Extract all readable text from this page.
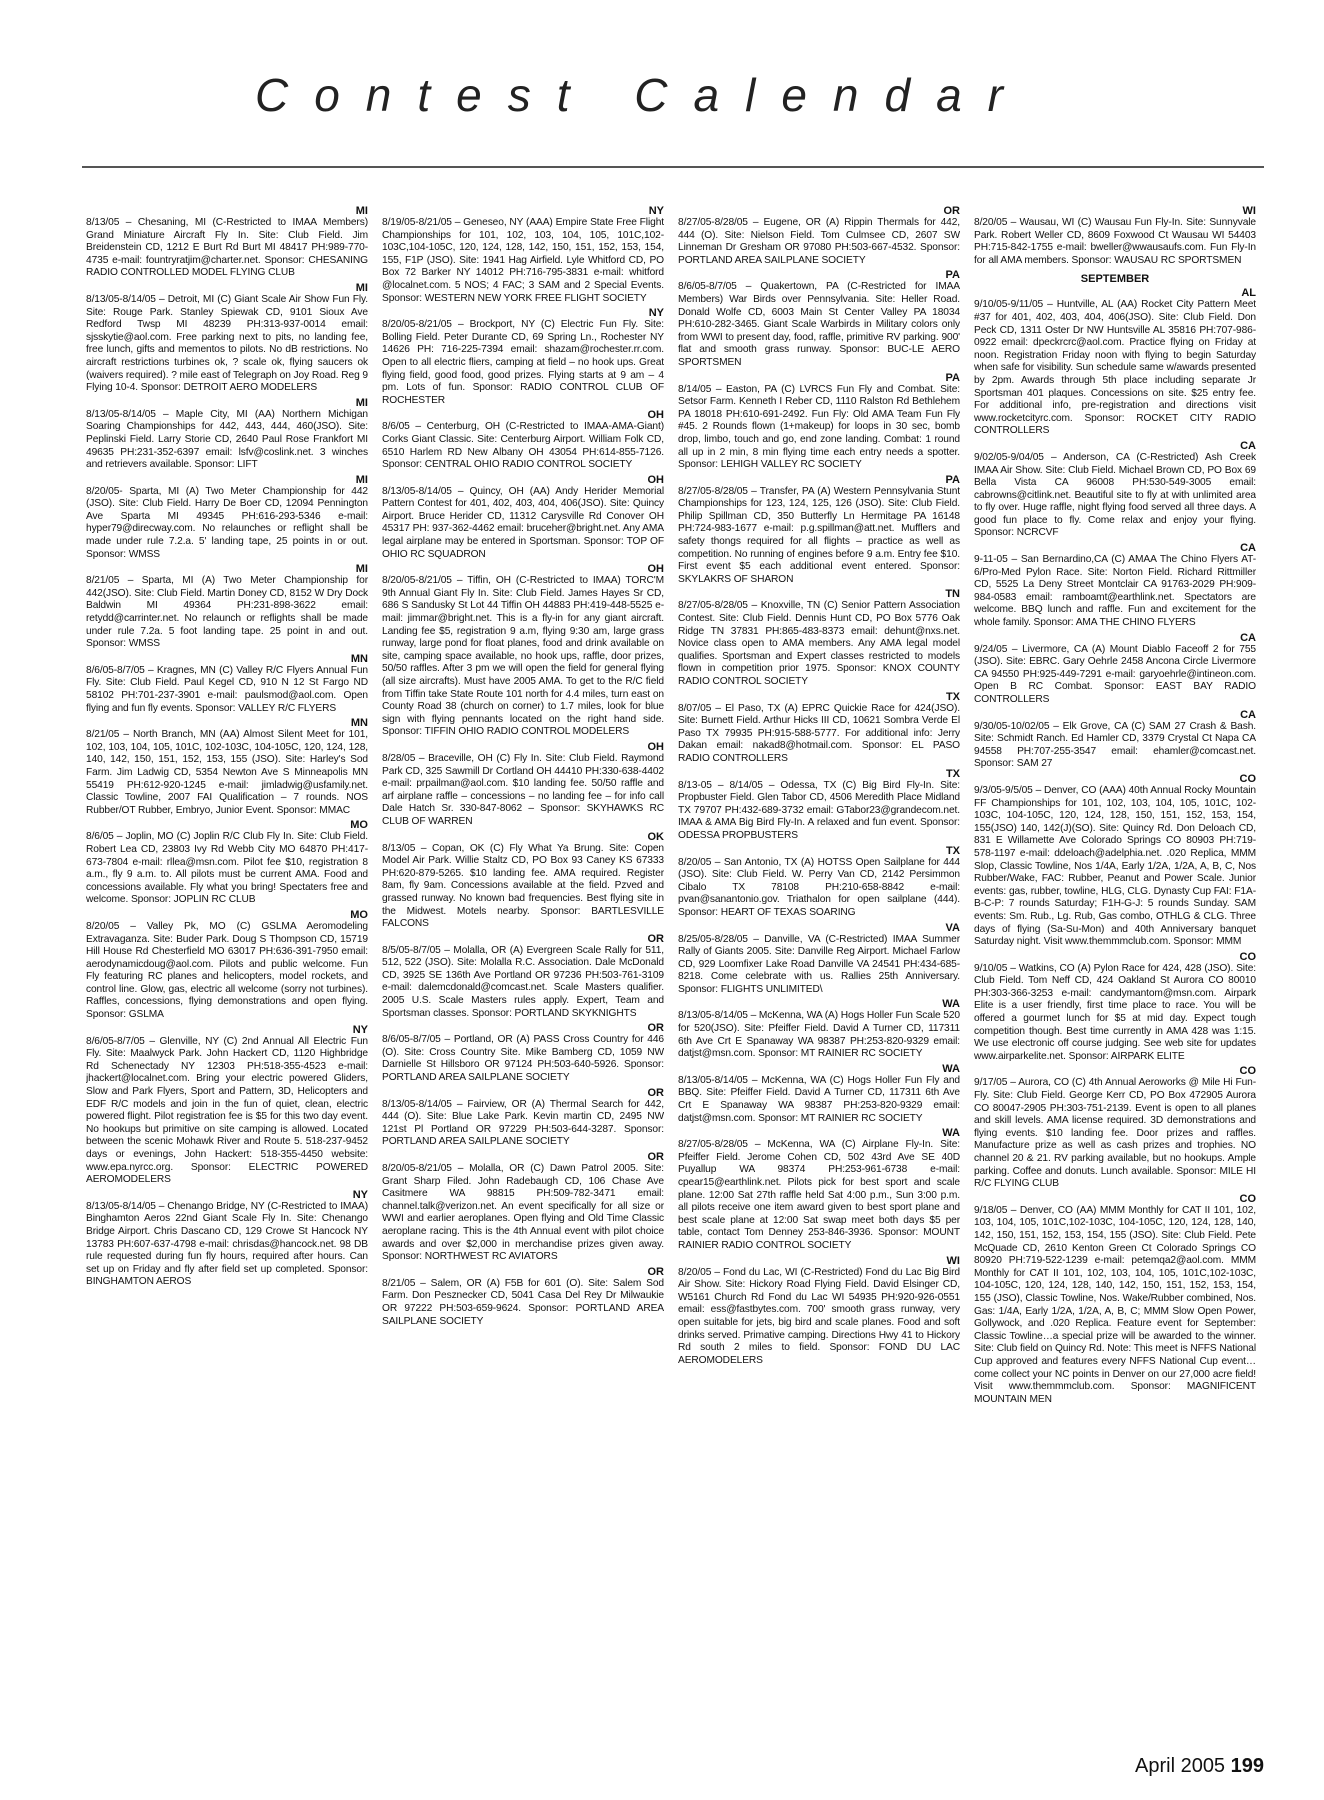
Contest Calendar
MI
8/13/05 – Chesaning, MI (C-Restricted to IMAA Members) Grand Miniature Aircraft Fly In. Site: Club Field. Jim Breidenstein CD, 1212 E Burt Rd Burt MI 48417 PH:989-770-4735 e-mail: fountryratjim@charter.net. Sponsor: CHESANING RADIO CONTROLLED MODEL FLYING CLUB
MI
8/13/05-8/14/05 – Detroit, MI (C) Giant Scale Air Show Fun Fly. Site: Rouge Park. Stanley Spiewak CD, 9101 Sioux Ave Redford Twsp MI 48239 PH:313-937-0014 email: sjsskytie@aol.com. Free parking next to pits, no landing fee, free lunch, gifts and mementos to pilots. No dB restrictions. No aircraft restrictions turbines ok, ? scale ok, flying saucers ok (waivers required). ? mile east of Telegraph on Joy Road. Reg 9 Flying 10-4. Sponsor: DETROIT AERO MODELERS
MI
8/13/05-8/14/05 – Maple City, MI (AA) Northern Michigan Soaring Championships for 442, 443, 444, 460(JSO). Site: Peplinski Field. Larry Storie CD, 2640 Paul Rose Frankfort MI 49635 PH:231-352-6397 email: lsfv@coslink.net. 3 winches and retrievers available. Sponsor: LIFT
MI
8/20/05- Sparta, MI (A) Two Meter Championship for 442 (JSO). Site: Club Field. Harry De Boer CD, 12094 Pennington Ave Sparta MI 49345 PH:616-293-5346 e-mail: hyper79@direcway.com. No relaunches or reflight shall be made under rule 7.2.a. 5' landing tape, 25 points in or out. Sponsor: WMSS
MI
8/21/05 – Sparta, MI (A) Two Meter Championship for 442(JSO). Site: Club Field. Martin Doney CD, 8152 W Dry Dock Baldwin MI 49364 PH:231-898-3622 email: retydd@carrinter.net. No relaunch or reflights shall be made under rule 7.2a. 5 foot landing tape. 25 point in and out. Sponsor: WMSS
MN
8/6/05-8/7/05 – Kragnes, MN (C) Valley R/C Flyers Annual Fun Fly. Site: Club Field. Paul Kegel CD, 910 N 12 St Fargo ND 58102 PH:701-237-3901 e-mail: paulsmod@aol.com. Open flying and fun fly events. Sponsor: VALLEY R/C FLYERS
MN
8/21/05 – North Branch, MN (AA) Almost Silent Meet for 101, 102, 103, 104, 105, 101C, 102-103C, 104-105C, 120, 124, 128, 140, 142, 150, 151, 152, 153, 155 (JSO). Site: Harley's Sod Farm. Jim Ladwig CD, 5354 Newton Ave S Minneapolis MN 55419 PH:612-920-1245 e-mail: jimladwig@usfamily.net. Classic Towline, 2007 FAI Qualification – 7 rounds. NOS Rubber/OT Rubber, Embryo, Junior Event. Sponsor: MMAC
MO
8/6/05 – Joplin, MO (C) Joplin R/C Club Fly In. Site: Club Field. Robert Lea CD, 23803 Ivy Rd Webb City MO 64870 PH:417-673-7804 e-mail: rllea@msn.com. Pilot fee $10, registration 8 a.m., fly 9 a.m. to. All pilots must be current AMA. Food and concessions available. Fly what you bring! Spectaters free and welcome. Sponsor: JOPLIN RC CLUB
MO
8/20/05 – Valley Pk, MO (C) GSLMA Aeromodeling Extravaganza. Site: Buder Park. Doug S Thompson CD, 15719 Hill House Rd Chesterfield MO 63017 PH:636-391-7950 email: aerodynamicdoug@aol.com. Pilots and public welcome. Fun Fly featuring RC planes and helicopters, model rockets, and control line. Glow, gas, electric all welcome (sorry not turbines). Raffles, concessions, flying demonstrations and open flying. Sponsor: GSLMA
NY
8/6/05-8/7/05 – Glenville, NY (C) 2nd Annual All Electric Fun Fly. Site: Maalwyck Park. John Hackert CD, 1120 Highbridge Rd Schenectady NY 12303 PH:518-355-4523 e-mail: jhackert@localnet.com. Bring your electric powered Gliders, Slow and Park Flyers, Sport and Pattern, 3D, Helicopters and EDF R/C models and join in the fun of quiet, clean, electric powered flight. Pilot registration fee is $5 for this two day event. No hookups but primitive on site camping is allowed. Located between the scenic Mohawk River and Route 5. 518-237-9452 days or evenings, John Hackert: 518-355-4450 website: www.epa.nyrcc.org. Sponsor: ELECTRIC POWERED AEROMODELERS
NY
8/13/05-8/14/05 – Chenango Bridge, NY (C-Restricted to IMAA) Binghamton Aeros 22nd Giant Scale Fly In. Site: Chenango Bridge Airport. Chris Dascano CD, 129 Crowe St Hancock NY 13783 PH:607-637-4798 e-mail: chrisdas@hancock.net. 98 DB rule requested during fun fly hours, required after hours. Can set up on Friday and fly after field set up completed. Sponsor: BINGHAMTON AEROS
NY
8/19/05-8/21/05 – Geneseo, NY (AAA) Empire State Free Flight Championships for 101, 102, 103, 104, 105, 101C,102-103C,104-105C, 120, 124, 128, 142, 150, 151, 152, 153, 154, 155, F1P (JSO). Site: 1941 Hag Airfield. Lyle Whitford CD, PO Box 72 Barker NY 14012 PH:716-795-3831 e-mail: whitford @localnet.com. 5 NOS; 4 FAC; 3 SAM and 2 Special Events. Sponsor: WESTERN NEW YORK FREE FLIGHT SOCIETY
NY
8/20/05-8/21/05 – Brockport, NY (C) Electric Fun Fly. Site: Bolling Field. Peter Durante CD, 69 Spring Ln., Rochester NY 14626 PH: 716-225-7394 email: shazam@rochester.rr.com. Open to all electric fliers, camping at field – no hook ups. Great flying field, good food, good prizes. Flying starts at 9 am – 4 pm. Lots of fun. Sponsor: RADIO CONTROL CLUB OF ROCHESTER
OH
8/6/05 – Centerburg, OH (C-Restricted to IMAA-AMA-Giant) Corks Giant Classic. Site: Centerburg Airport. William Folk CD, 6510 Harlem RD New Albany OH 43054 PH:614-855-7126. Sponsor: CENTRAL OHIO RADIO CONTROL SOCIETY
OH
8/13/05-8/14/05 – Quincy, OH (AA) Andy Herider Memorial Pattern Contest for 401, 402, 403, 404, 406(JSO). Site: Quincy Airport. Bruce Herider CD, 11312 Carysville Rd Conover OH 45317 PH: 937-362-4462 email: bruceher@bright.net. Any AMA legal airplane may be entered in Sportsman. Sponsor: TOP OF OHIO RC SQUADRON
OH
8/20/05-8/21/05 – Tiffin, OH (C-Restricted to IMAA) TORC'M 9th Annual Giant Fly In. Site: Club Field. James Hayes Sr CD, 686 S Sandusky St Lot 44 Tiffin OH 44883 PH:419-448-5525 e-mail: jimmar@bright.net. This is a fly-in for any giant aircraft. Landing fee $5, registration 9 a.m, flying 9:30 am, large grass runway, large pond for float planes, food and drink available on site, camping space available, no hook ups, raffle, door prizes, 50/50 raffles. After 3 pm we will open the field for general flying (all size aircrafts). Must have 2005 AMA. To get to the R/C field from Tiffin take State Route 101 north for 4.4 miles, turn east on County Road 38 (church on corner) to 1.7 miles, look for blue sign with flying pennants located on the right hand side. Sponsor: TIFFIN OHIO RADIO CONTROL MODELERS
OH
8/28/05 – Braceville, OH (C) Fly In. Site: Club Field. Raymond Park CD, 325 Sawmill Dr Cortland OH 44410 PH:330-638-4402 e-mail: prpailman@aol.com. $10 landing fee. 50/50 raffle and arf airplane raffle – concessions – no landing fee – for info call Dale Hatch Sr. 330-847-8062 – Sponsor: SKYHAWKS RC CLUB OF WARREN
OK
8/13/05 – Copan, OK (C) Fly What Ya Brung. Site: Copen Model Air Park. Willie Staltz CD, PO Box 93 Caney KS 67333 PH:620-879-5265. $10 landing fee. AMA required. Register 8am, fly 9am. Concessions available at the field. Pzved and grassed runway. No known bad frequencies. Best flying site in the Midwest. Motels nearby. Sponsor: BARTLESVILLE FALCONS
OR
8/5/05-8/7/05 – Molalla, OR (A) Evergreen Scale Rally for 511, 512, 522 (JSO). Site: Molalla R.C. Association. Dale McDonald CD, 3925 SE 136th Ave Portland OR 97236 PH:503-761-3109 e-mail: dalemcdonald@comcast.net. Scale Masters qualifier. 2005 U.S. Scale Masters rules apply. Expert, Team and Sportsman classes. Sponsor: PORTLAND SKYKNIGHTS
OR
8/6/05-8/7/05 – Portland, OR (A) PASS Cross Country for 446 (O). Site: Cross Country Site. Mike Bamberg CD, 1059 NW Darnielle St Hillsboro OR 97124 PH:503-640-5926. Sponsor: PORTLAND AREA SAILPLANE SOCIETY
OR
8/13/05-8/14/05 – Fairview, OR (A) Thermal Search for 442, 444 (O). Site: Blue Lake Park. Kevin martin CD, 2495 NW 121st Pl Portland OR 97229 PH:503-644-3287. Sponsor: PORTLAND AREA SAILPLANE SOCIETY
OR
8/20/05-8/21/05 – Molalla, OR (C) Dawn Patrol 2005. Site: Grant Sharp Filed. John Radebaugh CD, 106 Chase Ave Casitmere WA 98815 PH:509-782-3471 email: channel.talk@verizon.net. An event specifically for all size or WWI and earlier aeroplanes. Open flying and Old Time Classic aeroplane racing. This is the 4th Annual event with pilot choice awards and over $2,000 in merchandise prizes given away. Sponsor: NORTHWEST RC AVIATORS
OR
8/21/05 – Salem, OR (A) F5B for 601 (O). Site: Salem Sod Farm. Don Pesznecker CD, 5041 Casa Del Rey Dr Milwaukie OR 97222 PH:503-659-9624. Sponsor: PORTLAND AREA SAILPLANE SOCIETY
OR
8/27/05-8/28/05 – Eugene, OR (A) Rippin Thermals for 442, 444 (O). Site: Nielson Field. Tom Culmsee CD, 2607 SW Linneman Dr Gresham OR 97080 PH:503-667-4532. Sponsor: PORTLAND AREA SAILPLANE SOCIETY
PA
8/6/05-8/7/05 – Quakertown, PA (C-Restricted for IMAA Members) War Birds over Pennsylvania. Site: Heller Road. Donald Wolfe CD, 6003 Main St Center Valley PA 18034 PH:610-282-3465. Giant Scale Warbirds in Military colors only from WWI to present day, food, raffle, primitive RV parking. 900' flat and smooth grass runway. Sponsor: BUC-LE AERO SPORTSMEN
PA
8/14/05 – Easton, PA (C) LVRCS Fun Fly and Combat. Site: Setsor Farm. Kenneth I Reber CD, 1110 Ralston Rd Bethlehem PA 18018 PH:610-691-2492. Fun Fly: Old AMA Team Fun Fly #45. 2 Rounds flown (1+makeup) for loops in 30 sec, bomb drop, limbo, touch and go, end zone landing. Combat: 1 round all up in 2 min, 8 min flying time each entry needs a spotter. Sponsor: LEHIGH VALLEY RC SOCIETY
PA
8/27/05-8/28/05 – Transfer, PA (A) Western Pennsylvania Stunt Championships for 123, 124, 125, 126 (JSO). Site: Club Field. Philip Spillman CD, 350 Butterfly Ln Hermitage PA 16148 PH:724-983-1677 e-mail: p.g.spillman@att.net. Mufflers and safety thongs required for all flights – practice as well as competition. No running of engines before 9 a.m. Entry fee $10. First event $5 each additional event entered. Sponsor: SKYLAKRS OF SHARON
TN
8/27/05-8/28/05 – Knoxville, TN (C) Senior Pattern Association Contest. Site: Club Field. Dennis Hunt CD, PO Box 5776 Oak Ridge TN 37831 PH:865-483-8373 email: dehunt@nxs.net. Novice class open to AMA members. Any AMA legal model qualifies. Sportsman and Expert classes restricted to models flown in competition prior 1975. Sponsor: KNOX COUNTY RADIO CONTROL SOCIETY
TX
8/07/05 – El Paso, TX (A) EPRC Quickie Race for 424(JSO). Site: Burnett Field. Arthur Hicks III CD, 10621 Sombra Verde El Paso TX 79935 PH:915-588-5777. For additional info: Jerry Dakan email: nakad8@hotmail.com. Sponsor: EL PASO RADIO CONTROLLERS
TX
8/13-05 – 8/14/05 – Odessa, TX (C) Big Bird Fly-In. Site: Propbuster Field. Glen Tabor CD, 4506 Meredith Place Midland TX 79707 PH:432-689-3732 email: GTabor23@grandecom.net. IMAA & AMA Big Bird Fly-In. A relaxed and fun event. Sponsor: ODESSA PROPBUSTERS
TX
8/20/05 – San Antonio, TX (A) HOTSS Open Sailplane for 444 (JSO). Site: Club Field. W. Perry Van CD, 2142 Persimmon Cibalo TX 78108 PH:210-658-8842 e-mail: pvan@sanantonio.gov. Triathalon for open sailplane (444). Sponsor: HEART OF TEXAS SOARING
VA
8/25/05-8/28/05 – Danville, VA (C-Restricted) IMAA Summer Rally of Giants 2005. Site: Danville Reg Airport. Michael Farlow CD, 929 Loomfixer Lake Road Danville VA 24541 PH:434-685-8218. Come celebrate with us. Rallies 25th Anniversary. Sponsor: FLIGHTS UNLIMITED\
WA
8/13/05-8/14/05 – McKenna, WA (A) Hogs Holler Fun Scale 520 for 520(JSO). Site: Pfeiffer Field. David A Turner CD, 117311 6th Ave Crt E Spanaway WA 98387 PH:253-820-9329 email: datjst@msn.com. Sponsor: MT RAINIER RC SOCIETY
WA
8/13/05-8/14/05 – McKenna, WA (C) Hogs Holler Fun Fly and BBQ. Site: Pfeiffer Field. David A Turner CD, 117311 6th Ave Crt E Spanaway WA 98387 PH:253-820-9329 email: datjst@msn.com. Sponsor: MT RAINIER RC SOCIETY
WA
8/27/05-8/28/05 – McKenna, WA (C) Airplane Fly-In. Site: Pfeiffer Field. Jerome Cohen CD, 502 43rd Ave SE 40D Puyallup WA 98374 PH:253-961-6738 e-mail: cpear15@earthlink.net. Pilots pick for best sport and scale plane. 12:00 Sat 27th raffle held Sat 4:00 p.m., Sun 3:00 p.m. all pilots receive one item award given to best sport plane and best scale plane at 12:00 Sat swap meet both days $5 per table, contact Tom Denney 253-846-3936. Sponsor: MOUNT RAINIER RADIO CONTROL SOCIETY
WI
8/20/05 – Fond du Lac, WI (C-Restricted) Fond du Lac Big Bird Air Show. Site: Hickory Road Flying Field. David Elsinger CD, W5161 Church Rd Fond du Lac WI 54935 PH:920-926-0551 email: ess@fastbytes.com. 700' smooth grass runway, very open suitable for jets, big bird and scale planes. Food and soft drinks served. Primative camping. Directions Hwy 41 to Hickory Rd south 2 miles to field. Sponsor: FOND DU LAC AEROMODELERS
WI
8/20/05 – Wausau, WI (C) Wausau Fun Fly-In. Site: Sunnyvale Park. Robert Weller CD, 8609 Foxwood Ct Wausau WI 54403 PH:715-842-1755 e-mail: bweller@wwausaufs.com. Fun Fly-In for all AMA members. Sponsor: WAUSAU RC SPORTSMEN
SEPTEMBER
AL
9/10/05-9/11/05 – Huntville, AL (AA) Rocket City Pattern Meet #37 for 401, 402, 403, 404, 406(JSO). Site: Club Field. Don Peck CD, 1311 Oster Dr NW Huntsville AL 35816 PH:707-986-0922 email: dpeckrcrc@aol.com. Practice flying on Friday at noon. Registration Friday noon with flying to begin Saturday when safe for visibility. Sun schedule same w/awards presented by 2pm. Awards through 5th place including separate Jr Sportsman 401 plaques. Concessions on site. $25 entry fee. For additional info, pre-registration and directions visit www.rocketcityrc.com. Sponsor: ROCKET CITY RADIO CONTROLLERS
CA
9/02/05-9/04/05 – Anderson, CA (C-Restricted) Ash Creek IMAA Air Show. Site: Club Field. Michael Brown CD, PO Box 69 Bella Vista CA 96008 PH:530-549-3005 email: cabrowns@citlink.net. Beautiful site to fly at with unlimited area to fly over. Huge raffle, night flying food served all three days. A good fun place to fly. Come relax and enjoy your flying. Sponsor: NCRCVF
CA
9-11-05 – San Bernardino,CA (C) AMAA The Chino Flyers AT-6/Pro-Med Pylon Race. Site: Norton Field. Richard Rittmiller CD, 5525 La Deny Street Montclair CA 91763-2029 PH:909-984-0583 email: ramboamt@earthlink.net. Spectators are welcome. BBQ lunch and raffle. Fun and excitement for the whole family. Sponsor: AMA THE CHINO FLYERS
CA
9/24/05 – Livermore, CA (A) Mount Diablo Faceoff 2 for 755 (JSO). Site: EBRC. Gary Oehrle 2458 Ancona Circle Livermore CA 94550 PH:925-449-7291 e-mail: garyoehrle@intineon.com. Open B RC Combat. Sponsor: EAST BAY RADIO CONTROLLERS
CA
9/30/05-10/02/05 – Elk Grove, CA (C) SAM 27 Crash & Bash. Site: Schmidt Ranch. Ed Hamler CD, 3379 Crystal Ct Napa CA 94558 PH:707-255-3547 email: ehamler@comcast.net. Sponsor: SAM 27
CO
9/3/05-9/5/05 – Denver, CO (AAA) 40th Annual Rocky Mountain FF Championships for 101, 102, 103, 104, 105, 101C, 102-103C, 104-105C, 120, 124, 128, 150, 151, 152, 153, 154, 155(JSO) 140, 142(J)(SO). Site: Quincy Rd. Don Deloach CD, 831 E Willamette Ave Colorado Springs CO 80903 PH:719-578-1197 e-mail: ddeloach@adelphia.net. .020 Replica, MMM Slop, Classic Towline, Nos 1/4A, Early 1/2A, 1/2A, A, B, C, Nos Rubber/Wake, FAC: Rubber, Peanut and Power Scale. Junior events: gas, rubber, towline, HLG, CLG. Dynasty Cup FAI: F1A-B-C-P: 7 rounds Saturday; F1H-G-J: 5 rounds Sunday. SAM events: Sm. Rub., Lg. Rub, Gas combo, OTHLG & CLG. Three days of flying (Sa-Su-Mon) and 40th Anniversary banquet Saturday night. Visit www.themmmclub.com. Sponsor: MMM
CO
9/10/05 – Watkins, CO (A) Pylon Race for 424, 428 (JSO). Site: Club Field. Tom Neff CD, 424 Oakland St Aurora CO 80010 PH:303-366-3253 e-mail: candymantom@msn.com. Airpark Elite is a user friendly, first time place to race. You will be offered a gourmet lunch for $5 at mid day. Expect tough competition though. Best time currently in AMA 428 was 1:15. We use electronic off course judging. See web site for updates www.airparkelite.net. Sponsor: AIRPARK ELITE
CO
9/17/05 – Aurora, CO (C) 4th Annual Aeroworks @ Mile Hi Fun-Fly. Site: Club Field. George Kerr CD, PO Box 472905 Aurora CO 80047-2905 PH:303-751-2139. Event is open to all planes and skill levels. AMA license required. 3D demonstrations and flying events. $10 landing fee. Door prizes and raffles. Manufacture prize as well as cash prizes and trophies. NO channel 20 & 21. RV parking available, but no hookups. Ample parking. Coffee and donuts. Lunch available. Sponsor: MILE HI R/C FLYING CLUB
CO
9/18/05 – Denver, CO (AA) MMM Monthly for CAT II 101, 102, 103, 104, 105, 101C,102-103C, 104-105C, 120, 124, 128, 140, 142, 150, 151, 152, 153, 154, 155 (JSO). Site: Club Field. Pete McQuade CD, 2610 Kenton Green Ct Colorado Springs CO 80920 PH:719-522-1239 e-mail: petemqa2@aol.com. MMM Monthly for CAT II 101, 102, 103, 104, 105, 101C,102-103C, 104-105C, 120, 124, 128, 140, 142, 150, 151, 152, 153, 154, 155 (JSO), Classic Towline, Nos. Wake/Rubber combined, Nos. Gas: 1/4A, Early 1/2A, 1/2A, A, B, C; MMM Slow Open Power, Gollywock, and .020 Replica. Feature event for September: Classic Towline…a special prize will be awarded to the winner. Site: Club field on Quincy Rd. Note: This meet is NFFS National Cup approved and features every NFFS National Cup event…come collect your NC points in Denver on our 27,000 acre field! Visit www.themmmclub.com. Sponsor: MAGNIFICENT MOUNTAIN MEN
April 2005 199
